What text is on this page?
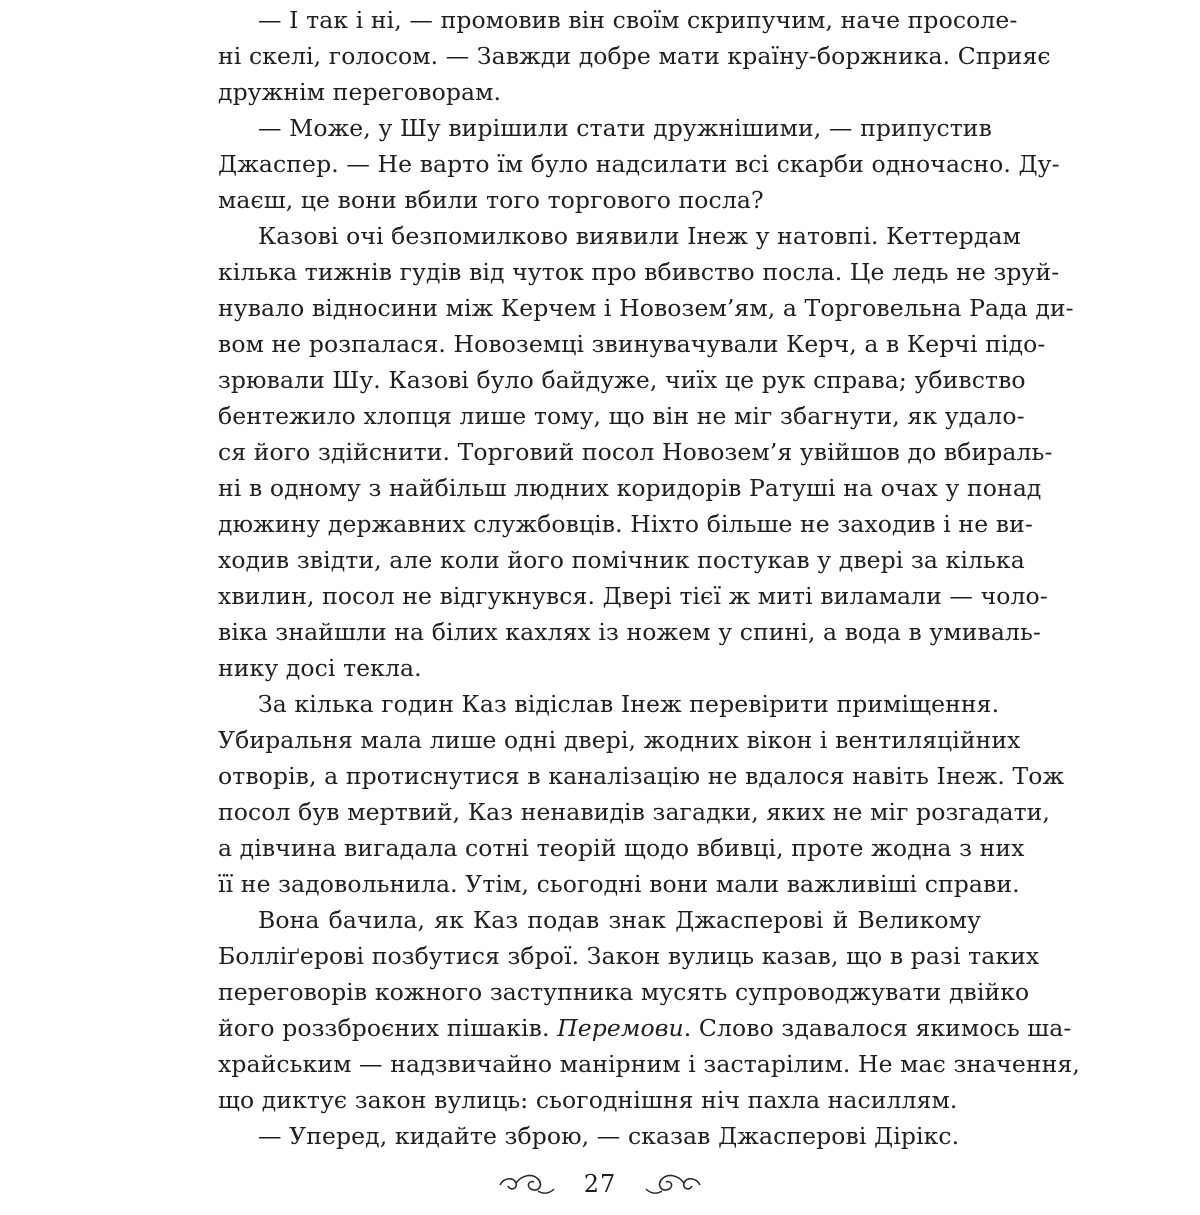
— І так і ні, — промовив він своїм скрипучим, наче просоле-
ні скелі, голосом. — Завжди добре мати країну-боржника. Сприяє
дружнім переговорам.
— Може, у Шу вирішили стати дружнішими, — припустив
Джаспер. — Не варто їм було надсилати всі скарби одночасно. Ду-
маєш, це вони вбили того торгового посла?
Казові очі безпомилково виявили Інеж у натовпі. Кеттердам
кілька тижнів гудів від чуток про вбивство посла. Це ледь не зруй-
нувало відносини між Керчем і Новозем’ям, а Торговельна Рада ди-
вом не розпалася. Новоземці звинувачували Керч, а в Керчі підо-
зрювали Шу. Казові було байдуже, чиїх це рук справа; убивство
бентежило хлопця лише тому, що він не міг збагнути, як удало-
ся його здійснити. Торговий посол Новозем’я увійшов до вбираль-
ні в одному з найбільш людних коридорів Ратуші на очах у понад
дюжину державних службовців. Ніхто більше не заходив і не ви-
ходив звідти, але коли його помічник постукав у двері за кілька
хвилин, посол не відгукнувся. Двері тієї ж миті виламали — чоло-
віка знайшли на білих кахлях із ножем у спині, а вода в умиваль-
нику досі текла.
За кілька годин Каз відіслав Інеж перевірити приміщення.
Убиральня мала лише одні двері, жодних вікон і вентиляційних
отворів, а протиснутися в каналізацію не вдалося навіть Інеж. Тож
посол був мертвий, Каз ненавидів загадки, яких не міг розгадати,
а дівчина вигадала сотні теорій щодо вбивці, проте жодна з них
її не задовольнила. Утім, сьогодні вони мали важливіші справи.
Вона бачила, як Каз подав знак Джасперові й Великому
Болліґерові позбутися зброї. Закон вулиць казав, що в разі таких
переговорів кожного заступника мусять супроводжувати двійко
його роззброєних пішаків. Перемови. Слово здавалося якимось ша-
храйським — надзвичайно манірним і застарілим. Не має значення,
що диктує закон вулиць: сьогоднішня ніч пахла насиллям.
— Уперед, кидайте зброю, — сказав Джасперові Дірікс.
27
